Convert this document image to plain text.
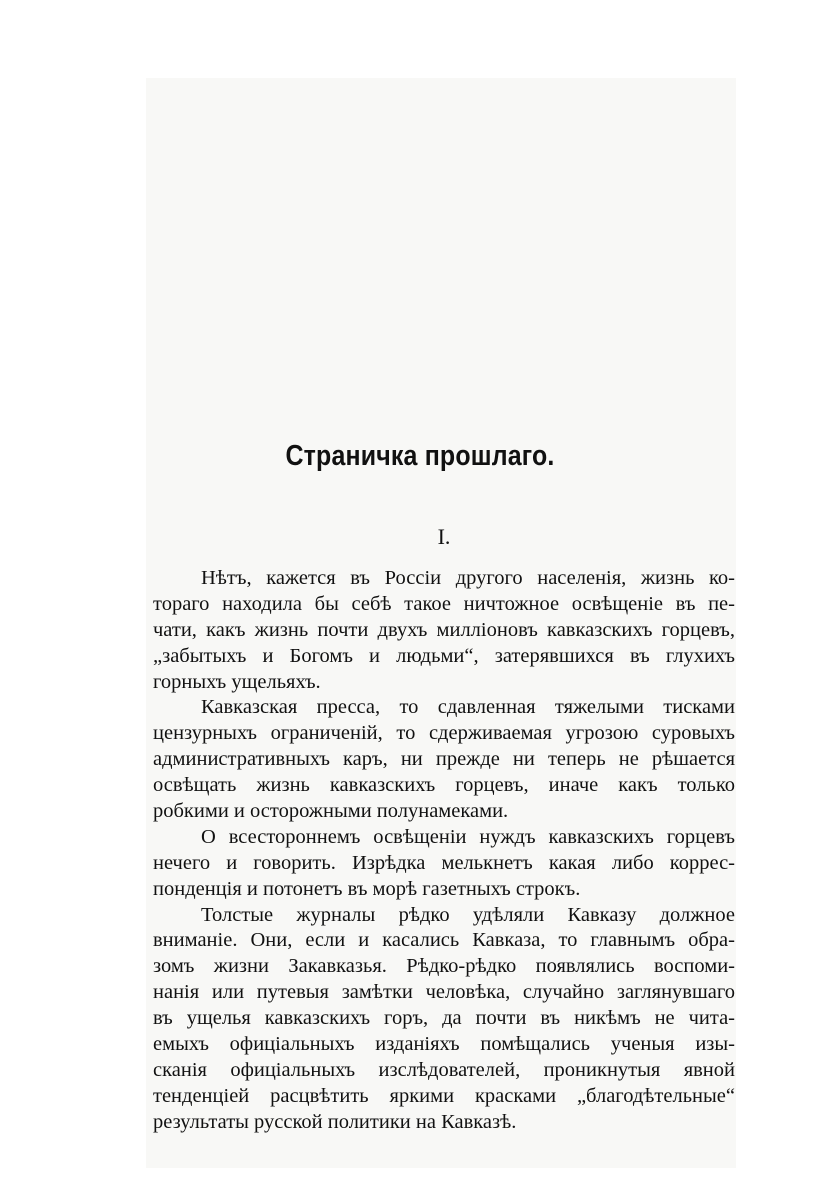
Страничка прошлаго.
I.
Нѣтъ, кажется въ Россіи другого населенія, жизнь ко-
тораго находила бы себѣ такое ничтожное освѣщеніе въ пе-
чати, какъ жизнь почти двухъ милліоновъ кавказскихъ горцевъ,
„забытыхъ и Богомъ и людьми“, затерявшихся въ глухихъ
горныхъ ущельяхъ.
Кавказская пресса, то сдавленная тяжелыми тисками
цензурныхъ ограниченій, то сдерживаемая угрозою суровыхъ
административныхъ каръ, ни прежде ни теперь не рѣшается
освѣщать жизнь кавказскихъ горцевъ, иначе какъ только
робкими и осторожными полунамеками.
О всестороннемъ освѣщеніи нуждъ кавказскихъ горцевъ
нечего и говорить. Изрѣдка мелькнетъ какая либо коррес-
понденція и потонетъ въ морѣ газетныхъ строкъ.
Толстые журналы рѣдко удѣляли Кавказу должное
вниманіе. Они, если и касались Кавказа, то главнымъ обра-
зомъ жизни Закавказья. Рѣдко-рѣдко появлялись воспоми-
нанія или путевыя замѣтки человѣка, случайно заглянувшаго
въ ущелья кавказскихъ горъ, да почти въ никѣмъ не чита-
емыхъ офиціальныхъ изданіяхъ помѣщались ученыя изы-
сканія офиціальныхъ изслѣдователей, проникнутыя явной
тенденціей расцвѣтить яркими красками „благодѣтельные“
результаты русской политики на Кавказѣ.
